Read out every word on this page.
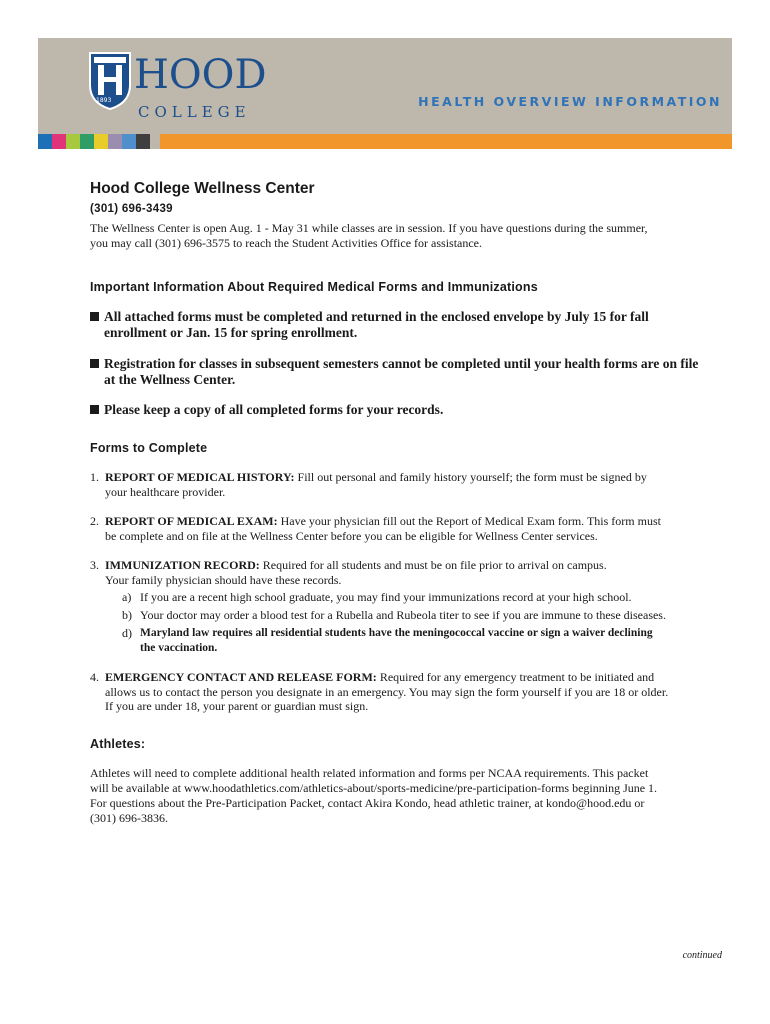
HOOD
COLLEGE
1893	HEALTH OVERVIEW INFORMATION
Hood College Wellness Center
(301) 696-3439
The Wellness Center is open Aug. 1 - May 31 while classes are in session. If you have questions during the summer,
you may call (301) 696-3575 to reach the Student Activities Office for assistance.
Important Information About Required Medical Forms and Immunizations
All attached forms must be completed and returned in the enclosed envelope by July 15 for fall
enrollment or Jan. 15 for spring enrollment.
Registration for classes in subsequent semesters cannot be completed until your health forms are on file
at the Wellness Center.
Please keep a copy of all completed forms for your records.
Forms to Complete
1. REPORT OF MEDICAL HISTORY: Fill out personal and family history yourself; the form must be signed by
your healthcare provider.
2. REPORT OF MEDICAL EXAM: Have your physician fill out the Report of Medical Exam form. This form must
be complete and on file at the Wellness Center before you can be eligible for Wellness Center services.
3. IMMUNIZATION RECORD: Required for all students and must be on file prior to arrival on campus.
Your family physician should have these records.
a) If you are a recent high school graduate, you may find your immunizations record at your high school.
b) Your doctor may order a blood test for a Rubella and Rubeola titer to see if you are immune to these diseases.
d) Maryland law requires all residential students have the meningococcal vaccine or sign a waiver declining
the vaccination.
4. EMERGENCY CONTACT AND RELEASE FORM: Required for any emergency treatment to be initiated and
allows us to contact the person you designate in an emergency. You may sign the form yourself if you are 18 or older.
If you are under 18, your parent or guardian must sign.
Athletes:
Athletes will need to complete additional health related information and forms per NCAA requirements. This packet
will be available at www.hoodathletics.com/athletics-about/sports-medicine/pre-participation-forms beginning June 1.
For questions about the Pre-Participation Packet, contact Akira Kondo, head athletic trainer, at kondo@hood.edu or
(301) 696-3836.
continued
